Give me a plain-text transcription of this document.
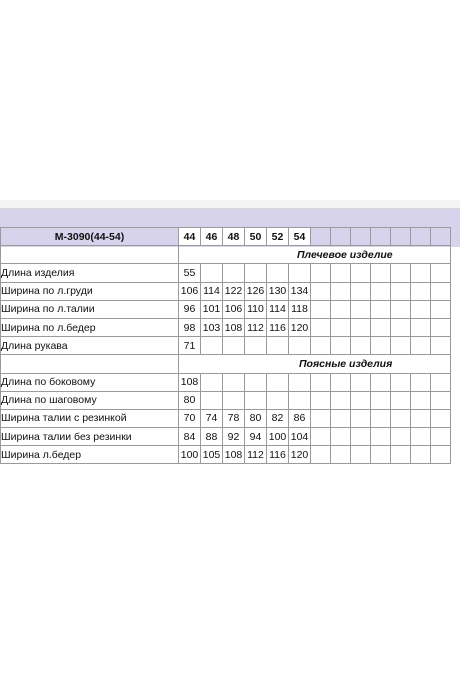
М-3090(44-54)	44	46	48	50	52	54							
	Плечевое изделие												
Длина изделия	55												
Ширина по л.груди	106	114	122	126	130	134							
Ширина по л.талии	96	101	106	110	114	118							
Ширина по л.бедер	98	103	108	112	116	120							
Длина рукава	71												
	Поясные изделия												
Длина по боковому	108												
Длина по шаговому	80												
Ширина талии с резинкой	70	74	78	80	82	86							
Ширина талии без резинки	84	88	92	94	100	104							
Ширина л.бедер	100	105	108	112	116	120							
